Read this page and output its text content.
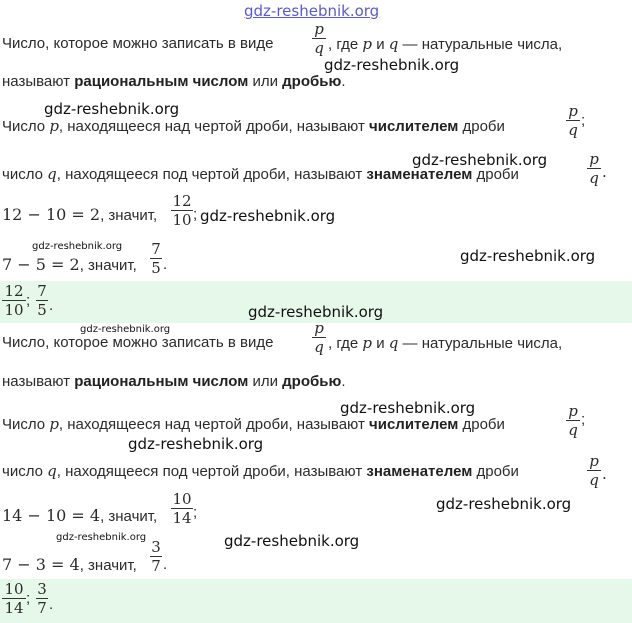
gdz-reshebnik.org
Число, которое можно записать в виде	$\frac{p}{q}$ , где p и q — натуральные числа,
называют рациональным числом или дробью.
Число p, находящееся над чертой дроби, называют числителем дроби	$\frac{p}{q}$ ;
число q, находящееся под чертой дроби, называют знаменателем дроби
p
q .
12 − 10 = 2, значит, $\frac{12}{10}$ ;
7 − 5 = 2, значит, $\frac{7}{5}$ .
$\frac{12}{10}$ ; $\frac{7}{5}$ .
Число, которое можно записать в виде	$\frac{p}{q}$ , где p и q — натуральные числа,
называют рациональным числом или дробью.
Число p, находящееся над чертой дроби, называют числителем дроби	$\frac{p}{q}$ ;
число q, находящееся под чертой дроби, называют знаменателем дроби
p
q .
14 − 10 = 4, значит, $\frac{10}{14}$ ;
7 − 3 = 4, значит, $\frac{3}{7}$ .
$\frac{10}{14}$ ; $\frac{3}{7}$ .
gdz-reshebnik.org
gdz-reshebnik.org
gdz-reshebnik.org
gdz-reshebnik.org
gdz-reshebnik.org
gdz-reshebnik.org
gdz-reshebnik.org
gdz-reshebnik.org
gdz-reshebnik.org
gdz-reshebnik.org
gdz-reshebnik.org
gdz-reshebnik.org	gdz-reshebnik.org
